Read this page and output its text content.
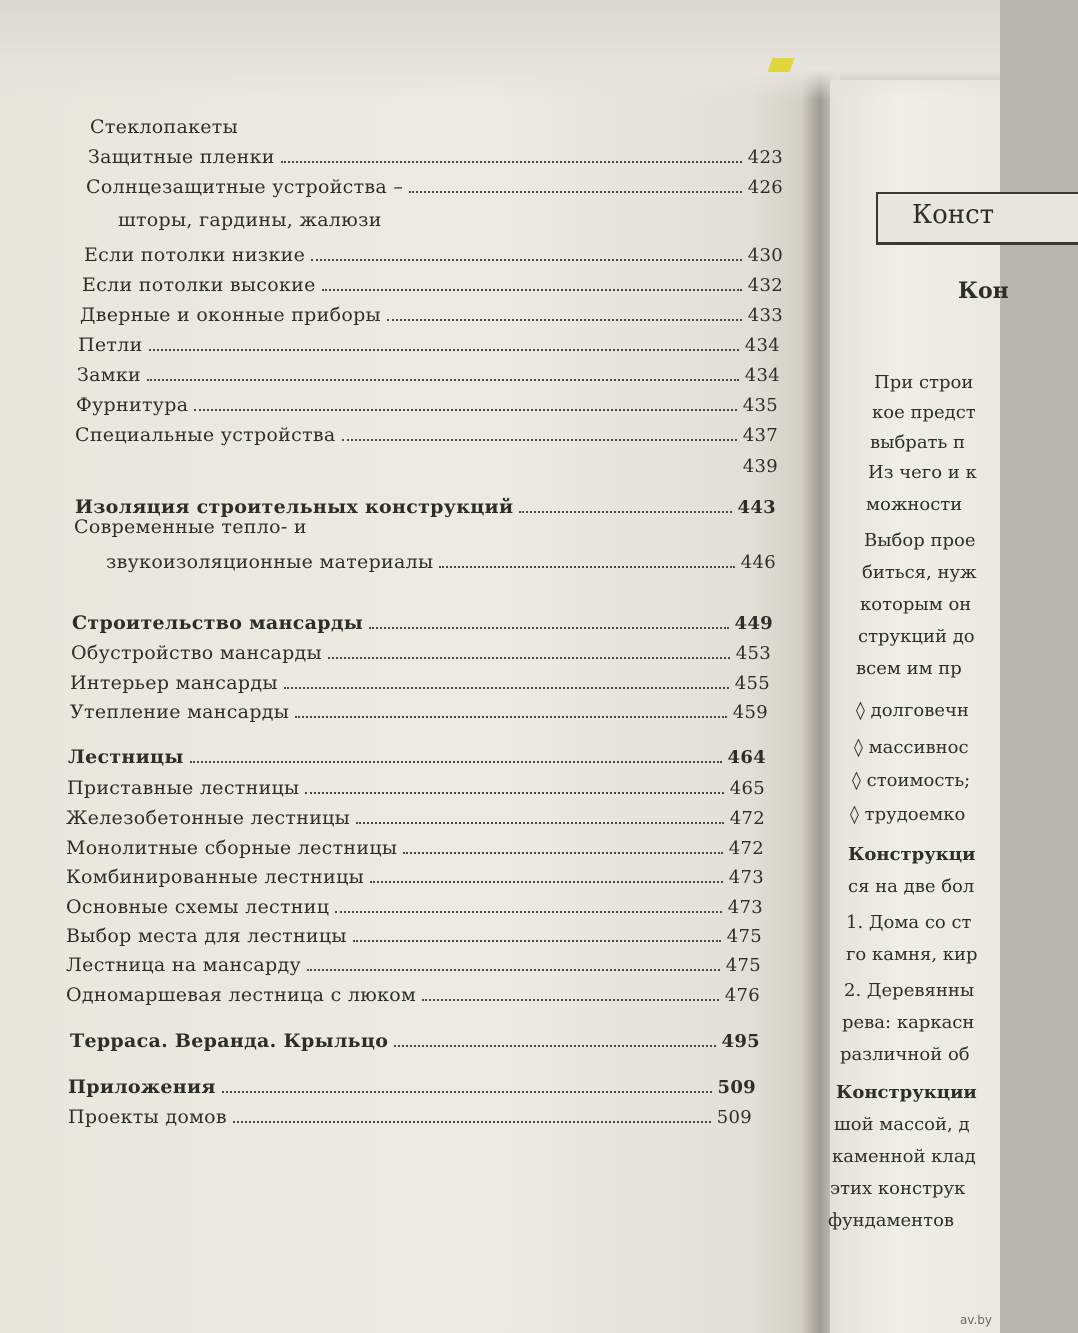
Стеклопакеты
Защитные пленки	423
Солнцезащитные устройства –	426
шторы, гардины, жалюзи
Если потолки низкие	430
Если потолки высокие	432
Дверные и оконные приборы	433
Петли	434
Замки	434
Фурнитура	435
Специальные устройства	437
439
Изоляция строительных конструкций	443
Современные тепло- и
звукоизоляционные материалы	446
Строительство мансарды	449
Обустройство мансарды	453
Интерьер мансарды	455
Утепление мансарды	459
Лестницы	464
Приставные лестницы	465
Железобетонные лестницы	472
Монолитные сборные лестницы	472
Комбинированные лестницы	473
Основные схемы лестниц	473
Выбор места для лестницы	475
Лестница на мансарду	475
Одномаршевая лестница с люком	476
Терраса. Веранда. Крыльцо	495
Приложения	509
Проекты домов	509
Конст
Кон
При строи
кое предст
выбрать п
Из чего и к
можности
Выбор прое
биться, нуж
которым он
струкций до
всем им пр
◊ долговечн
◊ массивнос
◊ стоимость;
◊ трудоемко
Конструкци
ся на две бол
1. Дома со ст
го камня, кир
2. Деревянны
рева: каркасн
различной об
Конструкции
шой массой, д
каменной клад
этих конструк
фундаментов
av.by
